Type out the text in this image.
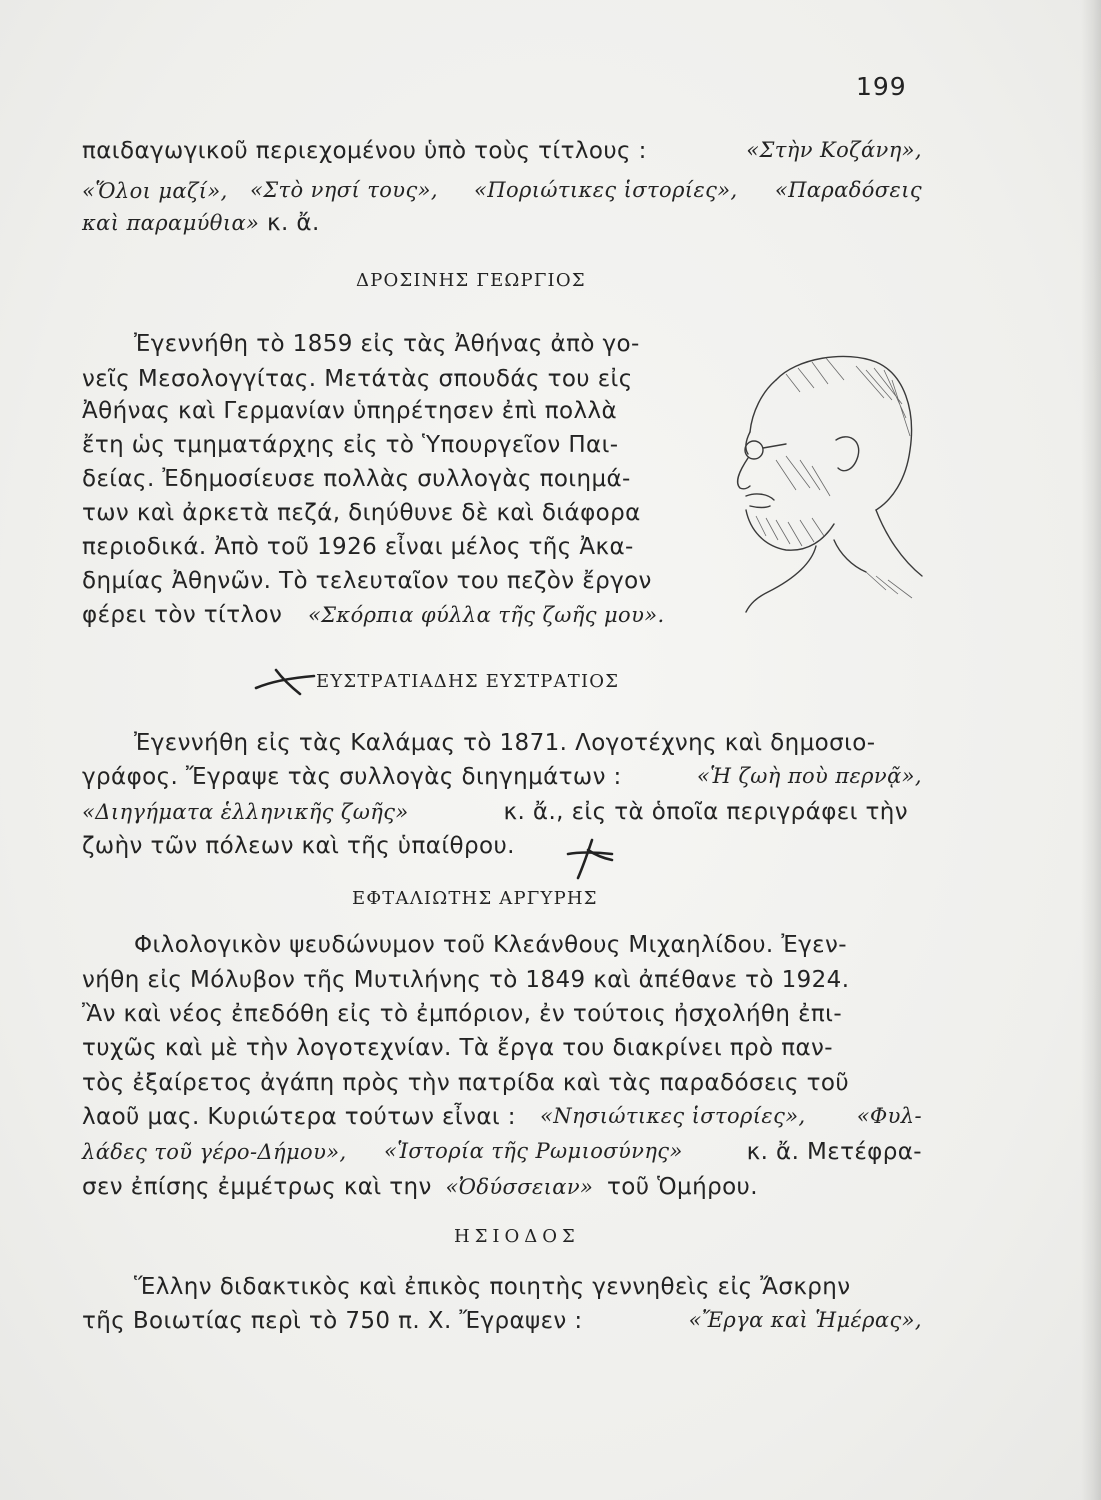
199
παιδαγωγικοῦ περιεχομένου ὑπὸ τοὺς τίτλους :	«Στὴν Κοζάνη»,
«Ὅλοι μαζί», «Στὸ νησί τους», «Ποριώτικες ἱστορίες», «Παραδόσεις
καὶ παραμύθια» κ. ἄ.
ΔΡΟΣΙΝΗΣ ΓΕΩΡΓΙΟΣ
Ἐγεννήθη τὸ 1859 εἰς τὰς Ἀθήνας ἀπὸ γο-
νεῖς Μεσολογγίτας. Μετάτὰς σπουδάς του εἰς
Ἀθήνας καὶ Γερμανίαν ὑπηρέτησεν ἐπὶ πολλὰ
ἔτη ὡς τμηματάρχης εἰς τὸ Ὑπουργεῖον Παι-
δείας. Ἐδημοσίευσε πολλὰς συλλογὰς ποιημά-
των καὶ ἀρκετὰ πεζά, διηύθυνε δὲ καὶ διάφορα
περιοδικά. Ἀπὸ τοῦ 1926 εἶναι μέλος τῆς Ἀκα-
δημίας Ἀθηνῶν. Τὸ τελευταῖον του πεζὸν ἔργον
φέρει τὸν τίτλον «Σκόρπια φύλλα τῆς ζωῆς μου».
ΕΥΣΤΡΑΤΙΑΔΗΣ ΕΥΣΤΡΑΤΙΟΣ
Ἐγεννήθη εἰς τὰς Καλάμας τὸ 1871. Λογοτέχνης καὶ δημοσιο-
γράφος. Ἔγραψε τὰς συλλογὰς διηγημάτων :	«Ἡ ζωὴ ποὺ περνᾷ»,
«Διηγήματα ἑλληνικῆς ζωῆς»	κ. ἄ., εἰς τὰ ὁποῖα περιγράφει τὴν
ζωὴν τῶν πόλεων καὶ τῆς ὑπαίθρου.
ΕΦΤΑΛΙΩΤΗΣ ΑΡΓΥΡΗΣ
Φιλολογικὸν ψευδώνυμον τοῦ Κλεάνθους Μιχαηλίδου. Ἐγεν-
νήθη εἰς Μόλυβον τῆς Μυτιλήνης τὸ 1849 καὶ ἀπέθανε τὸ 1924.
Ἂν καὶ νέος ἐπεδόθη εἰς τὸ ἐμπόριον, ἐν τούτοις ἠσχολήθη ἐπι-
τυχῶς καὶ μὲ τὴν λογοτεχνίαν. Τὰ ἔργα του διακρίνει πρὸ παν-
τὸς ἐξαίρετος ἀγάπη πρὸς τὴν πατρίδα καὶ τὰς παραδόσεις τοῦ
λαοῦ μας. Κυριώτερα τούτων εἶναι : «Νησιώτικες ἱστορίες», «Φυλ-
λάδες τοῦ γέρο-Δήμου», «Ἱστορία τῆς Ρωμιοσύνης»	κ. ἄ. Μετέφρα-
σεν ἐπίσης ἐμμέτρως καὶ την «Ὀδύσσειαν» τοῦ Ὁμήρου.
ΗΣΙΟΔΟΣ
Ἕλλην διδακτικὸς καὶ ἐπικὸς ποιητὴς γεννηθεὶς εἰς Ἄσκρην
τῆς Βοιωτίας περὶ τὸ 750 π. Χ. Ἔγραψεν :	«Ἔργα καὶ Ἡμέρας»,
